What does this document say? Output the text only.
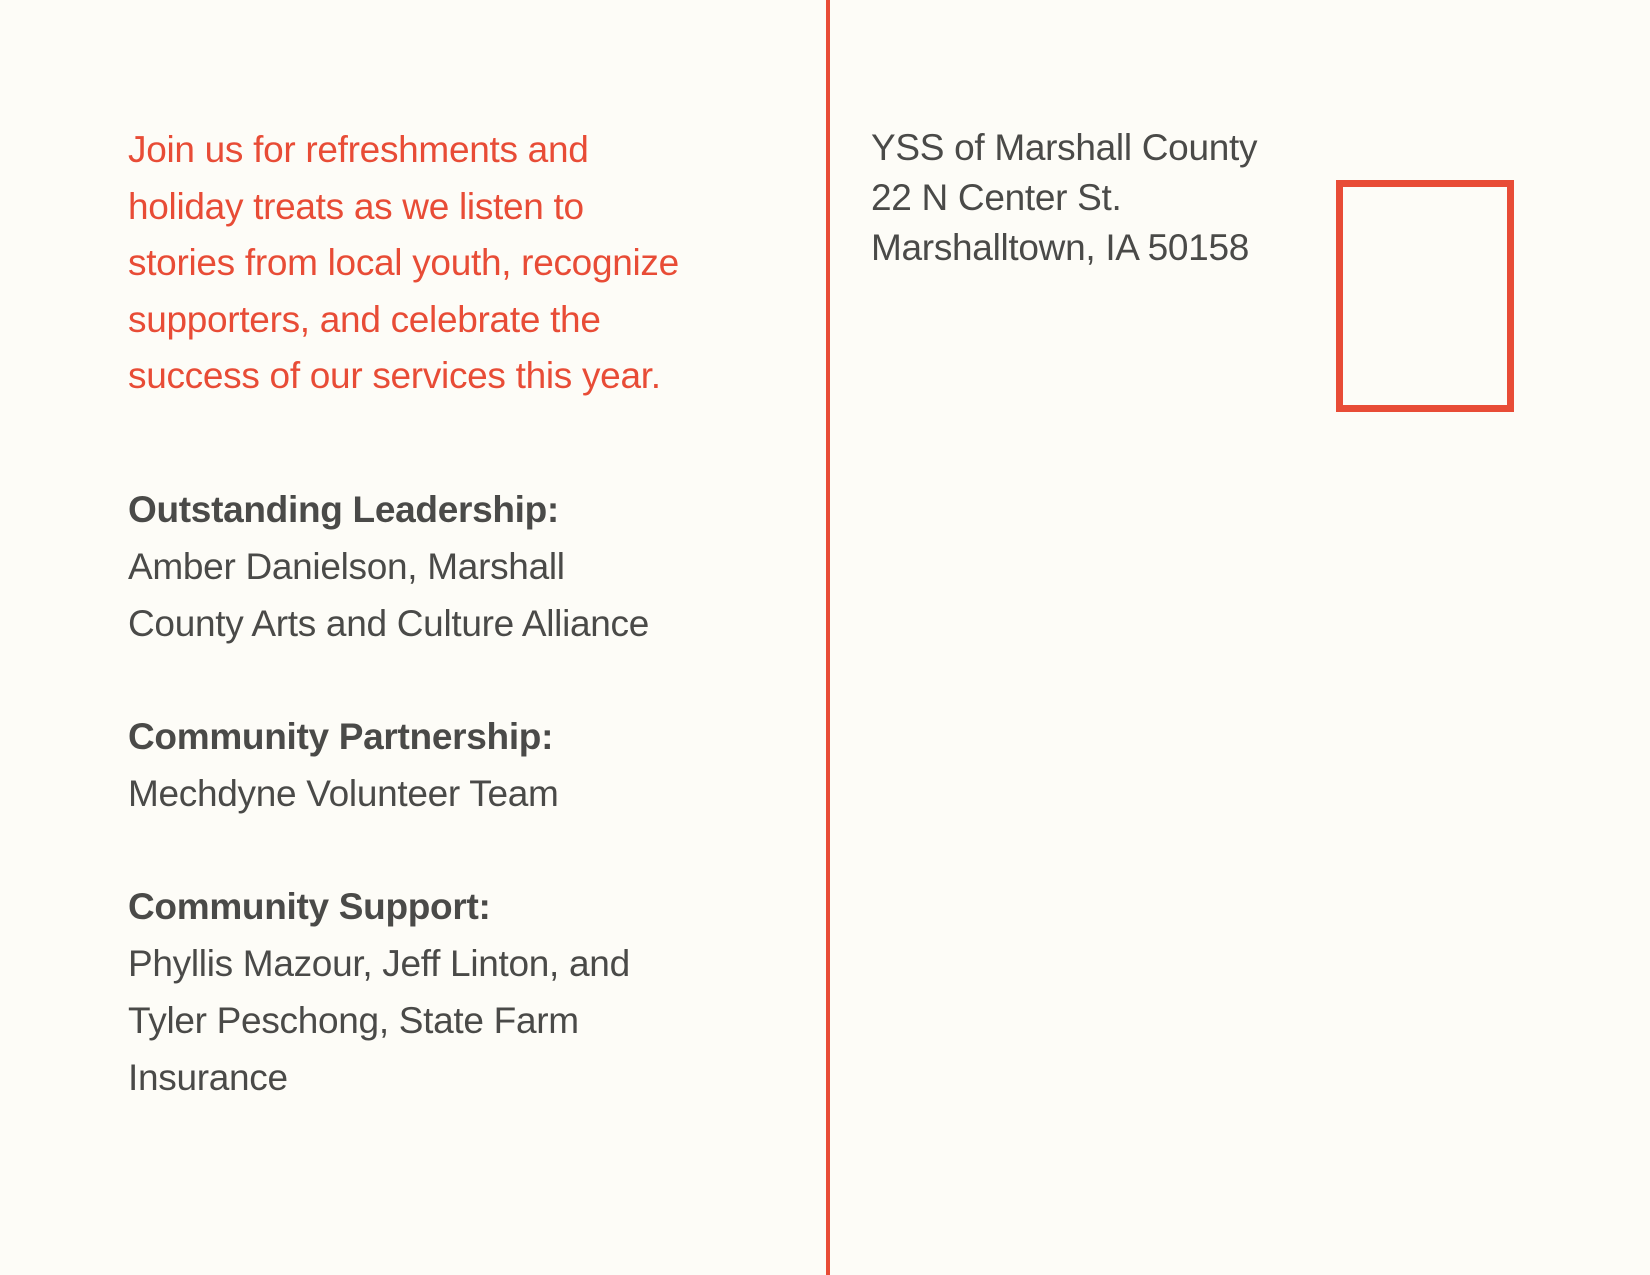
Join us for refreshments and
holiday treats as we listen to
stories from local youth, recognize
supporters, and celebrate the
success of our services this year.

Outstanding Leadership:
Amber Danielson, Marshall
County Arts and Culture Alliance
Community Partnership:
Mechdyne Volunteer Team
Community Support:
Phyllis Mazour, Jeff Linton, and
Tyler Peschong, State Farm
Insurance
YSS of Marshall County
22 N Center St.
Marshalltown, IA 50158
